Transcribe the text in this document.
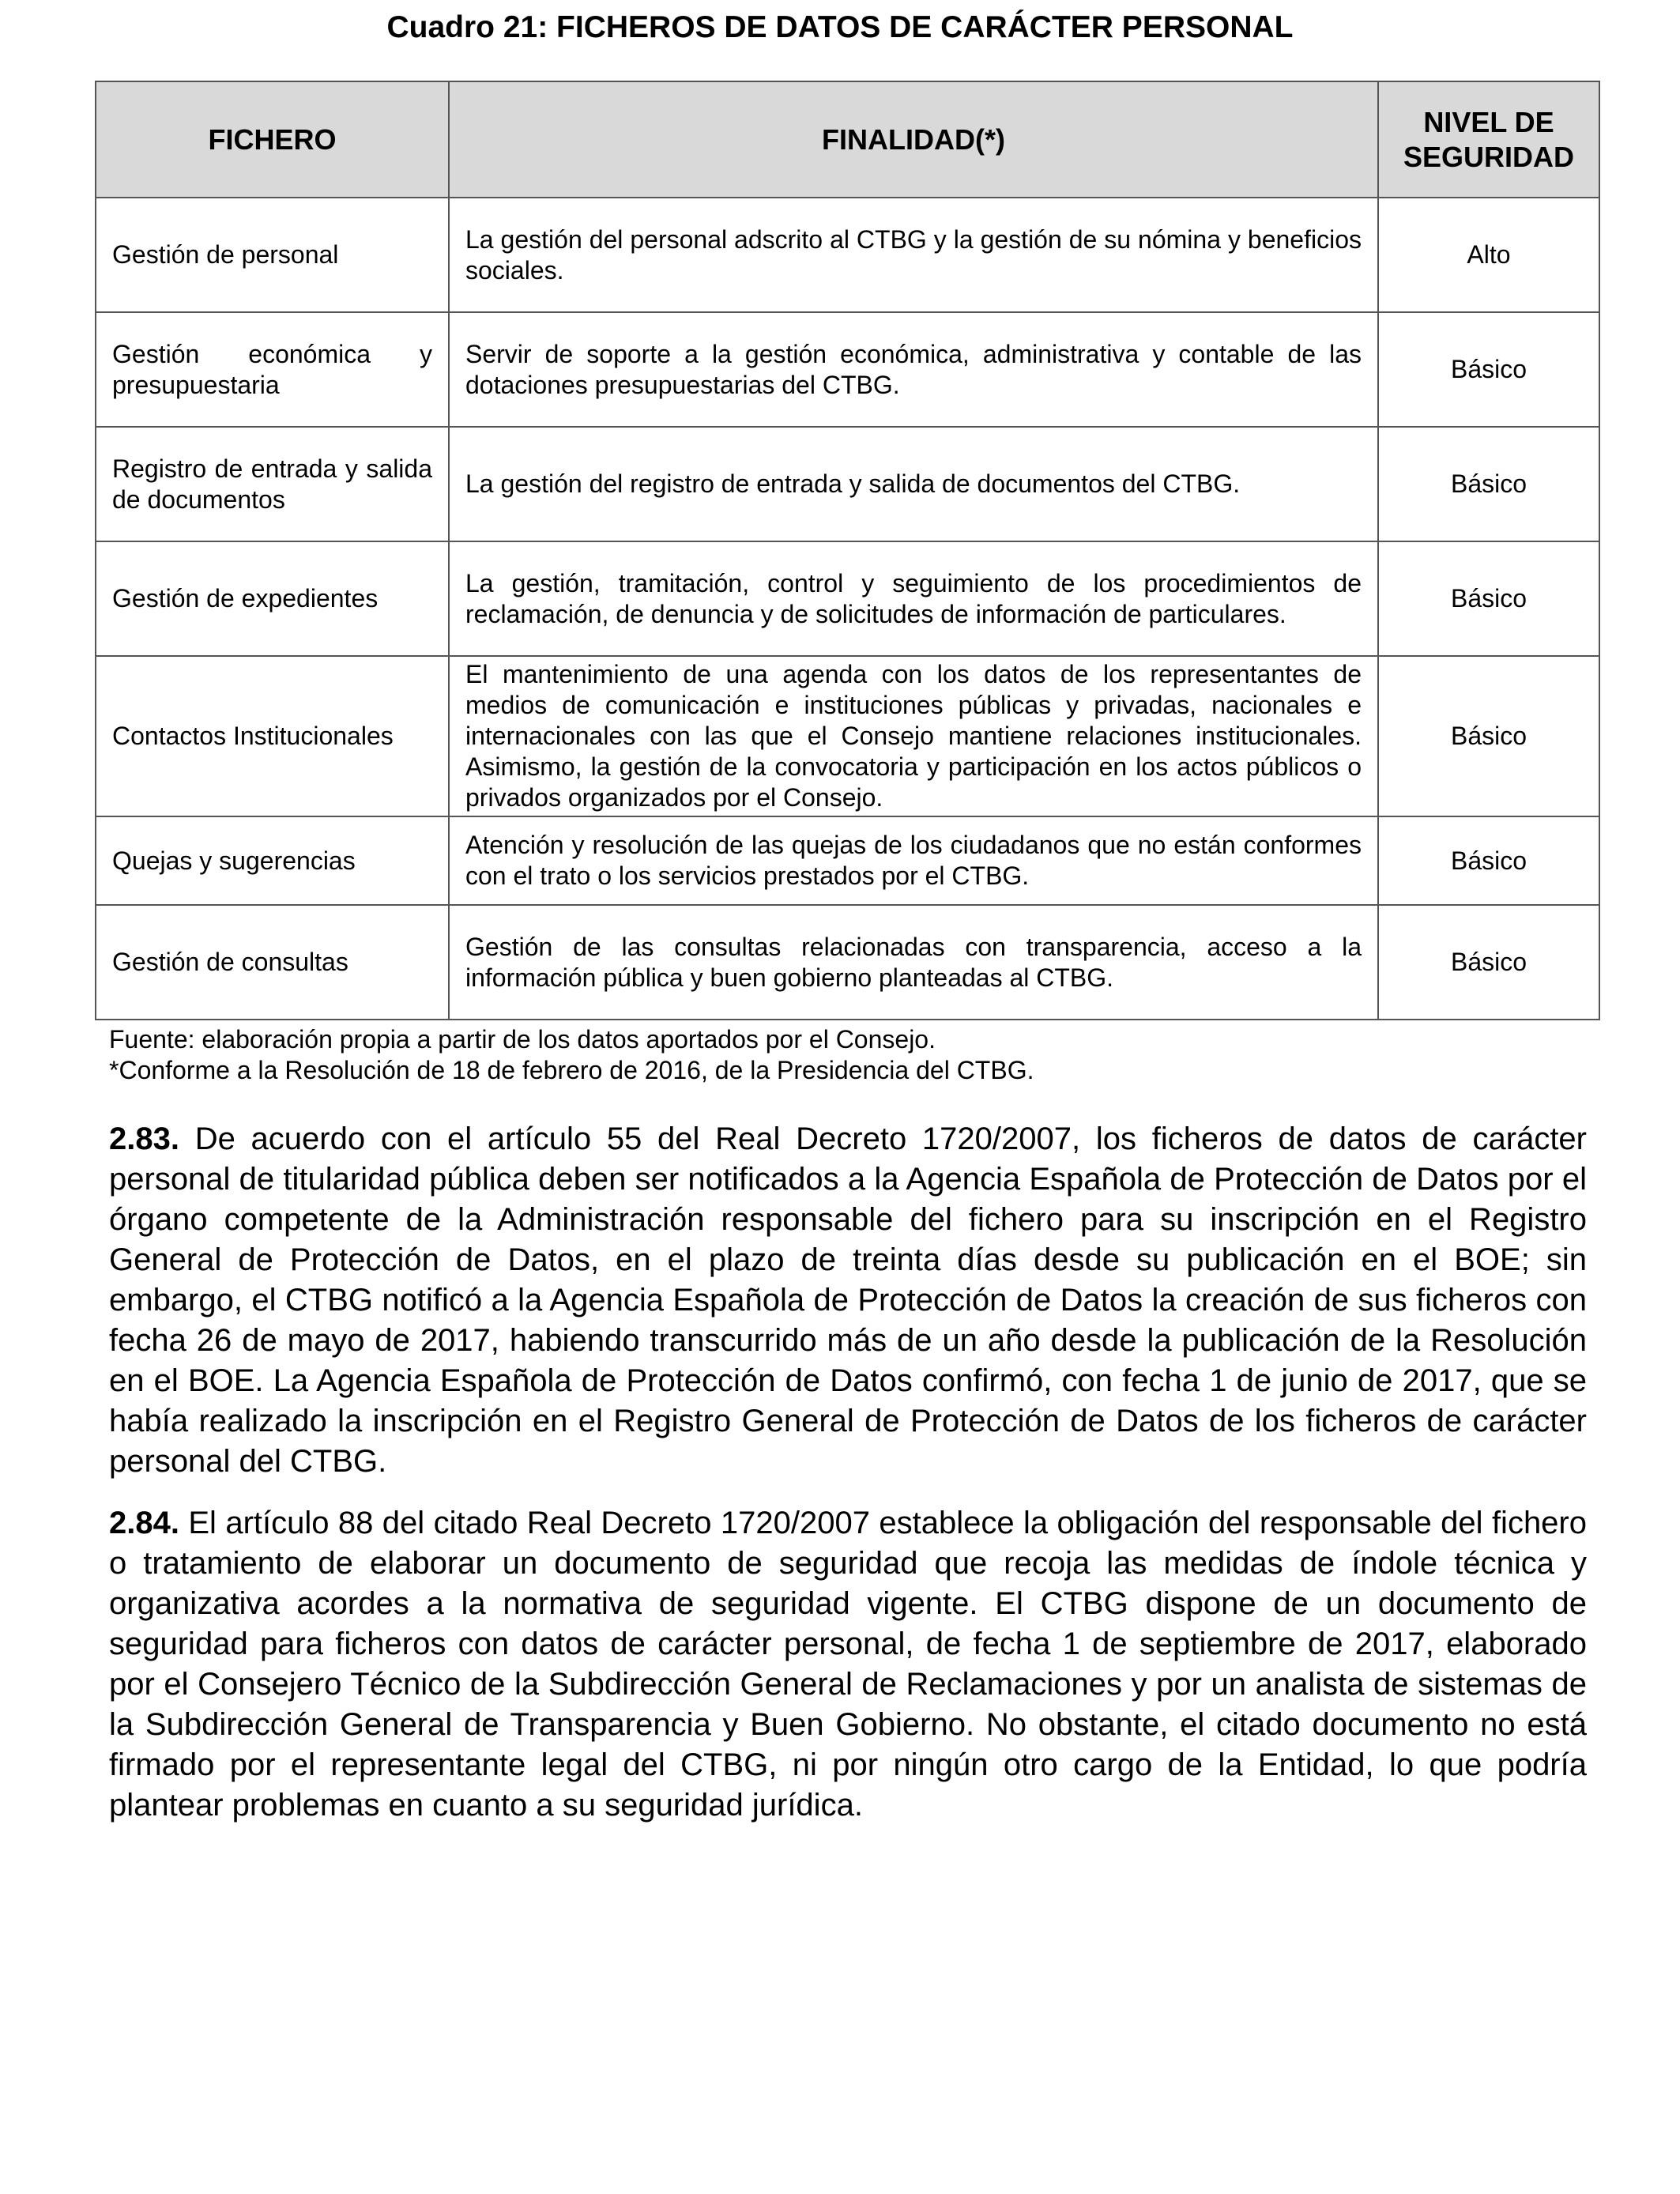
Cuadro 21: FICHEROS DE DATOS DE CARÁCTER PERSONAL
FICHERO	FINALIDAD(*)	NIVEL DE SEGURIDAD
Gestión de personal	La gestión del personal adscrito al CTBG y la gestión de su nómina y beneficios sociales.	Alto
Gestión económica y presupuestaria	Servir de soporte a la gestión económica, administrativa y contable de las dotaciones presupuestarias del CTBG.	Básico
Registro de entrada y salida de documentos	La gestión del registro de entrada y salida de documentos del CTBG.	Básico
Gestión de expedientes	La gestión, tramitación, control y seguimiento de los procedimientos de reclamación, de denuncia y de solicitudes de información de particulares.	Básico
Contactos Institucionales	El mantenimiento de una agenda con los datos de los representantes de medios de comunicación e instituciones públicas y privadas, nacionales e internacionales con las que el Consejo mantiene relaciones institucionales. Asimismo, la gestión de la convocatoria y participación en los actos públicos o privados organizados por el Consejo.	Básico
Quejas y sugerencias	Atención y resolución de las quejas de los ciudadanos que no están conformes con el trato o los servicios prestados por el CTBG.	Básico
Gestión de consultas	Gestión de las consultas relacionadas con transparencia, acceso a la información pública y buen gobierno planteadas al CTBG.	Básico

Fuente: elaboración propia a partir de los datos aportados por el Consejo.

*Conforme a la Resolución de 18 de febrero de 2016, de la Presidencia del CTBG.

2.83. De acuerdo con el artículo 55 del Real Decreto 1720/2007, los ficheros de datos de carácter personal de titularidad pública deben ser notificados a la Agencia Española de Protección de Datos por el órgano competente de la Administración responsable del fichero para su inscripción en el Registro General de Protección de Datos, en el plazo de treinta días desde su publicación en el BOE; sin embargo, el CTBG notificó a la Agencia Española de Protección de Datos la creación de sus ficheros con fecha 26 de mayo de 2017, habiendo transcurrido más de un año desde la publicación de la Resolución en el BOE. La Agencia Española de Protección de Datos confirmó, con fecha 1 de junio de 2017, que se había realizado la inscripción en el Registro General de Protección de Datos de los ficheros de carácter personal del CTBG.

2.84. El artículo 88 del citado Real Decreto 1720/2007 establece la obligación del responsable del fichero o tratamiento de elaborar un documento de seguridad que recoja las medidas de índole técnica y organizativa acordes a la normativa de seguridad vigente. El CTBG dispone de un documento de seguridad para ficheros con datos de carácter personal, de fecha 1 de septiembre de 2017, elaborado por el Consejero Técnico de la Subdirección General de Reclamaciones y por un analista de sistemas de la Subdirección General de Transparencia y Buen Gobierno. No obstante, el citado documento no está firmado por el representante legal del CTBG, ni por ningún otro cargo de la Entidad, lo que podría plantear problemas en cuanto a su seguridad jurídica.
